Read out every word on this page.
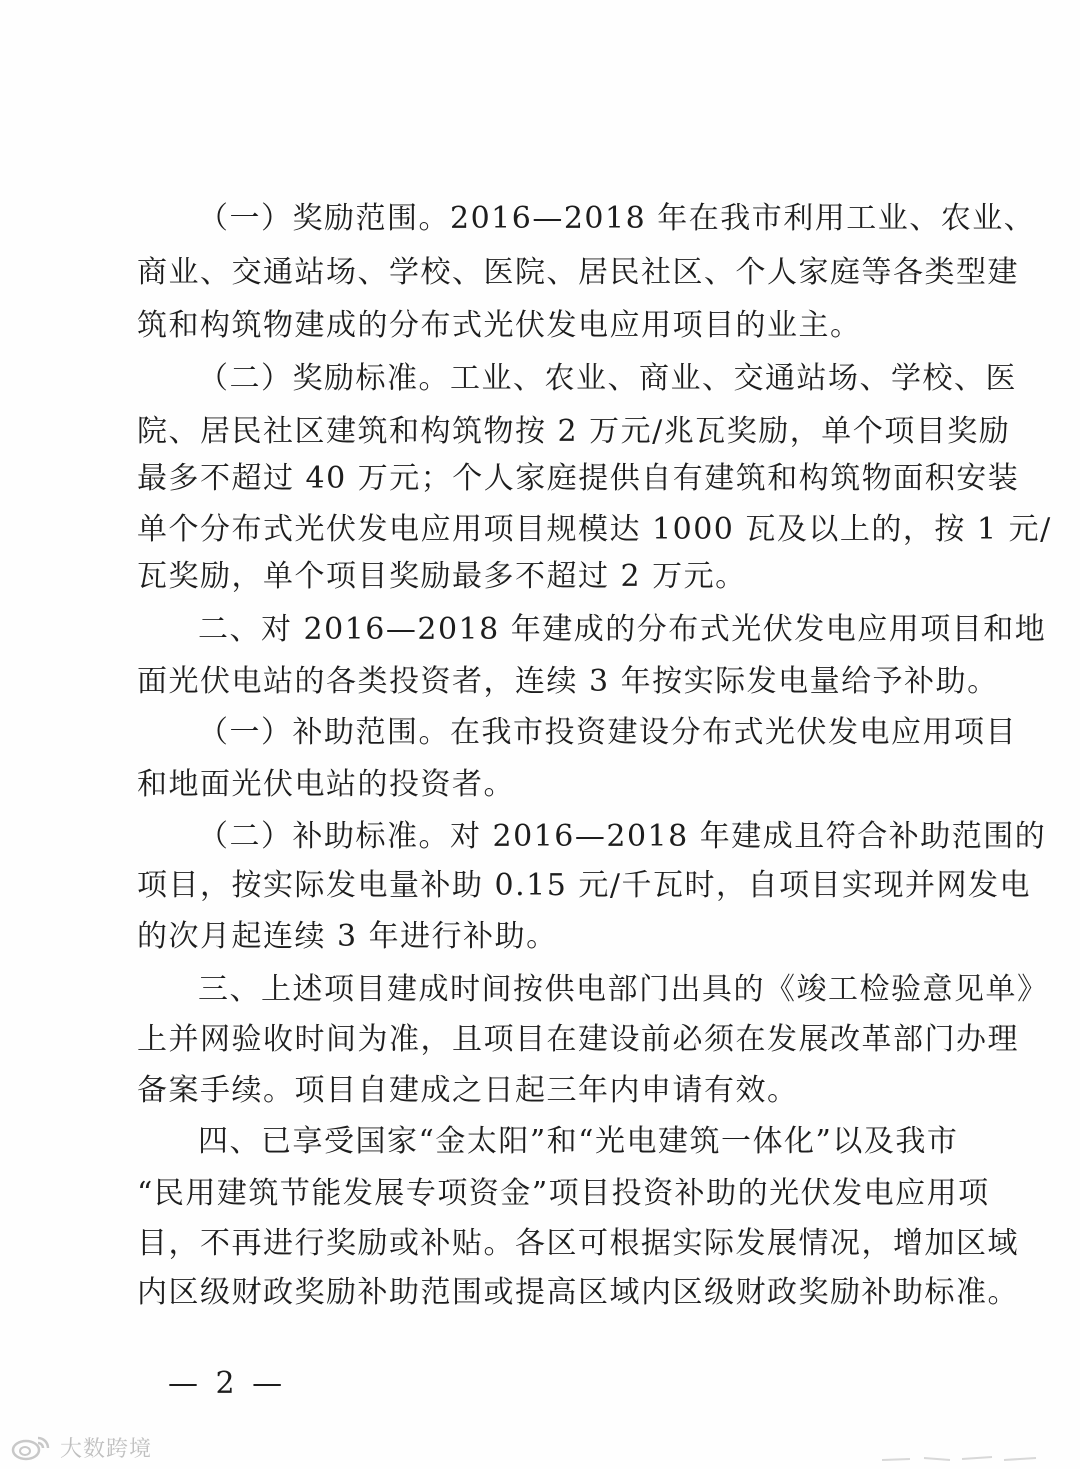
（一）奖励范围。2016—2018 年在我市利用工业、农业、
商业、交通站场、学校、医院、居民社区、个人家庭等各类型建
筑和构筑物建成的分布式光伏发电应用项目的业主。
（二）奖励标准。工业、农业、商业、交通站场、学校、医
院、居民社区建筑和构筑物按 2 万元/兆瓦奖励，单个项目奖励
最多不超过 40 万元；个人家庭提供自有建筑和构筑物面积安装
单个分布式光伏发电应用项目规模达 1000 瓦及以上的，按 1 元/
瓦奖励，单个项目奖励最多不超过 2 万元。
二、对 2016—2018 年建成的分布式光伏发电应用项目和地
面光伏电站的各类投资者，连续 3 年按实际发电量给予补助。
（一）补助范围。在我市投资建设分布式光伏发电应用项目
和地面光伏电站的投资者。
（二）补助标准。对 2016—2018 年建成且符合补助范围的
项目，按实际发电量补助 0.15 元/千瓦时，自项目实现并网发电
的次月起连续 3 年进行补助。
三、上述项目建成时间按供电部门出具的《竣工检验意见单》
上并网验收时间为准，且项目在建设前必须在发展改革部门办理
备案手续。项目自建成之日起三年内申请有效。
四、已享受国家“金太阳”和“光电建筑一体化”以及我市
“民用建筑节能发展专项资金”项目投资补助的光伏发电应用项
目，不再进行奖励或补贴。各区可根据实际发展情况，增加区域
内区级财政奖励补助范围或提高区域内区级财政奖励补助标准。
— 2 —
大数跨境
